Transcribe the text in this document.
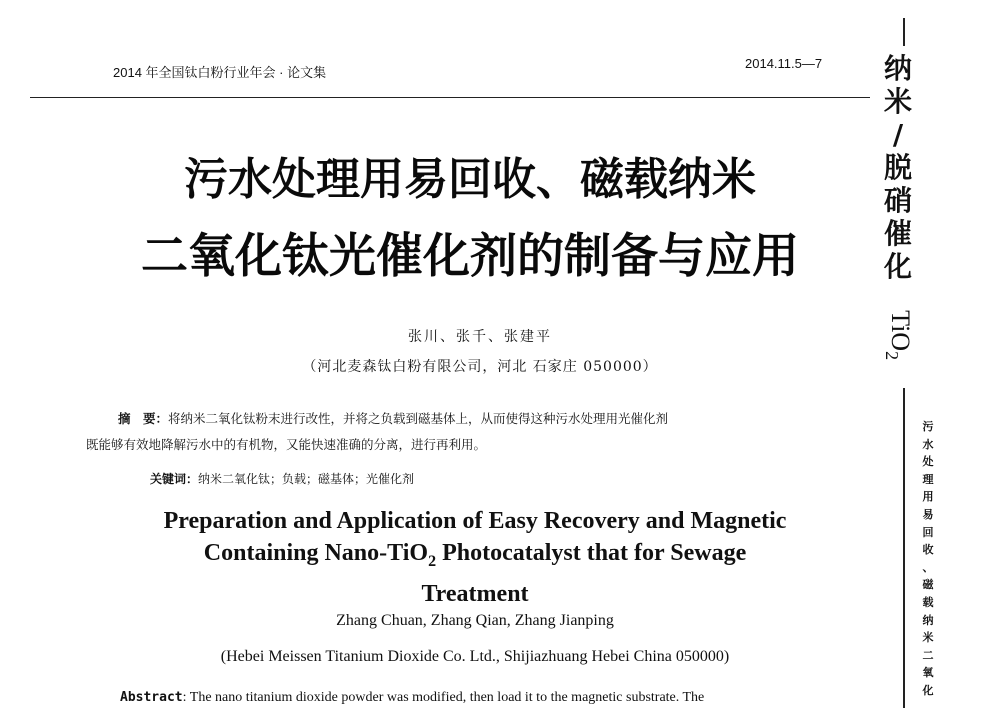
2014 年全国钛白粉行业年会 · 论文集
2014.11.5—7
污水处理用易回收、磁载纳米
二氧化钛光催化剂的制备与应用
张川、张千、张建平
（河北麦森钛白粉有限公司，河北 石家庄 050000）
摘　要：将纳米二氧化钛粉末进行改性，并将之负载到磁基体上，从而使得这种污水处理用光催化剂
既能够有效地降解污水中的有机物，又能快速准确的分离，进行再利用。
关键词：纳米二氧化钛；负载；磁基体；光催化剂
Preparation and Application of Easy Recovery and Magnetic
Containing Nano-TiO$_2$ Photocatalyst that for Sewage
Treatment
Zhang Chuan, Zhang Qian, Zhang Jianping
(Hebei Meissen Titanium Dioxide Co. Ltd., Shijiazhuang Hebei China 050000)
Abstract: The nano titanium dioxide powder was modified, then load it to the magnetic substrate. The
纳
米
/
脱
硝
催
化
TiO$_2$
污
水
处
理
用
易
回
收
、
磁
载
纳
米
二
氧
化
